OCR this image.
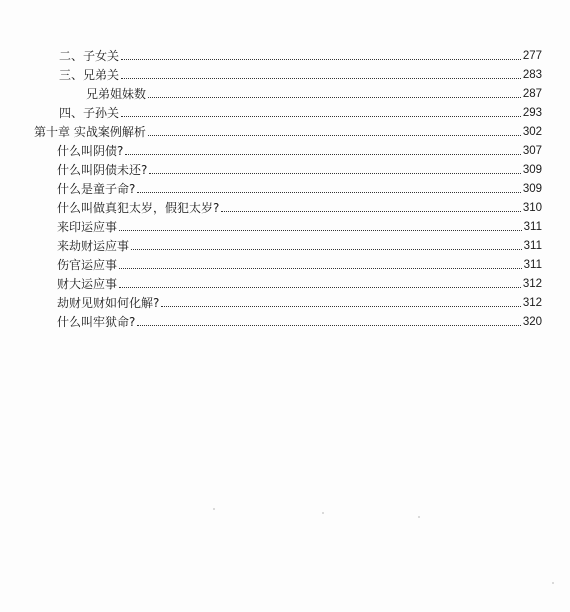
二、子女关	277
三、兄弟关	283
兄弟姐妹数	287
四、子孙关	293
第十章 实战案例解析	302
什么叫阴债?	307
什么叫阴债未还?	309
什么是童子命?	309
什么叫做真犯太岁，假犯太岁?	310
来印运应事	311
来劫财运应事	311
伤官运应事	311
财大运应事	312
劫财见财如何化解?	312
什么叫牢狱命?	320
